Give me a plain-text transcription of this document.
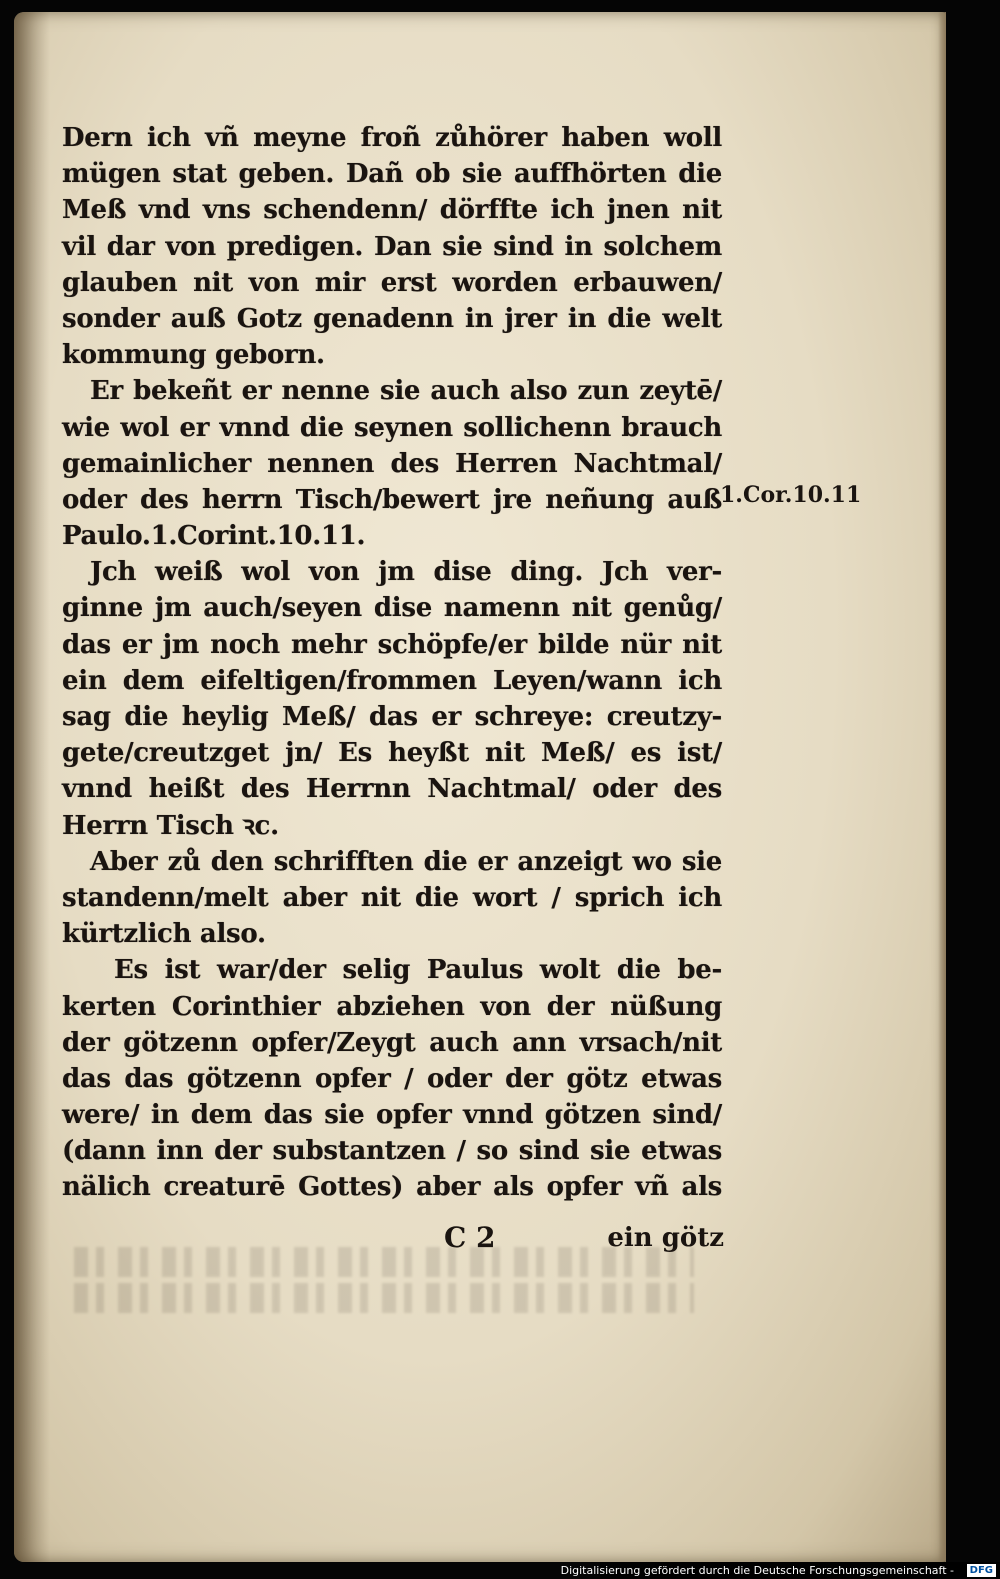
Dern ich vñ meyne froñ zůhörer haben woll
mügen stat geben. Dañ ob sie auffhörten die
Meß vnd vns schendenn/ dörffte ich jnen nit
vil dar von predigen. Dan sie sind in solchem
glauben nit von mir erst worden erbauwen/
sonder auß Gotz genadenn in jrer in die welt
kommung geborn.
Er bekeñt er nenne sie auch also zun zeytē/
wie wol er vnnd die seynen sollichenn brauch
gemainlicher nennen des Herren Nachtmal/
oder des herrn Tisch/bewert jre neñung auß
Paulo.1.Corint.10.11.
Jch weiß wol von jm dise ding. Jch ver-
ginne jm auch/seyen dise namenn nit genůg/
das er jm noch mehr schöpfe/er bilde nür nit
ein dem eifeltigen/frommen Leyen/wann ich
sag die heylig Meß/ das er schreye: creutzy-
gete/creutzget jn/ Es heyßt nit Meß/ es ist/
vnnd heißt des Herrnn Nachtmal/ oder des
Herrn Tisch ꝛc.
Aber zů den schrifften die er anzeigt wo sie
standenn/melt aber nit die wort / sprich ich
kürtzlich also.
Es ist war/der selig Paulus wolt die be-
kerten Corinthier abziehen von der nüßung
der götzenn opfer/Zeygt auch ann vrsach/nit
das das götzenn opfer / oder der götz etwas
were/ in dem das sie opfer vnnd götzen sind/
(dann inn der substantzen / so sind sie etwas
nälich creaturē Gottes) aber als opfer vñ als
1.Cor.10.11
C 2	ein götz
Digitalisierung gefördert durch die Deutsche Forschungsgemeinschaft -	DFG
